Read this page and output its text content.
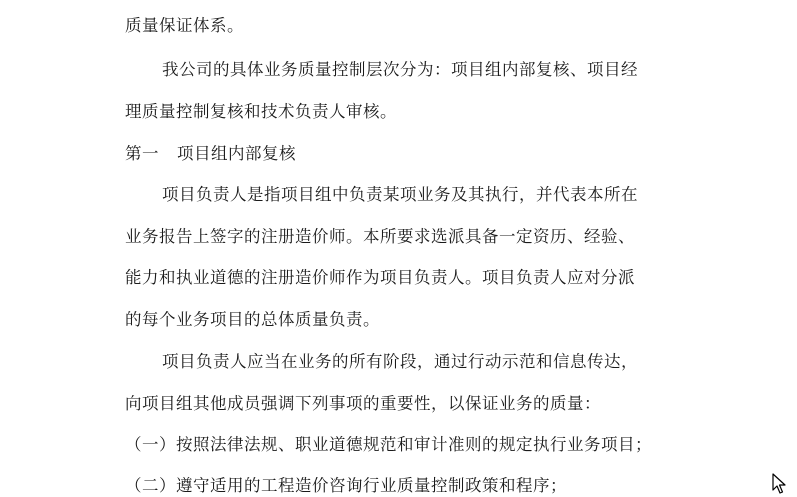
质量保证体系。
我公司的具体业务质量控制层次分为：项目组内部复核、项目经
理质量控制复核和技术负责人审核。
第一 项目组内部复核
项目负责人是指项目组中负责某项业务及其执行，并代表本所在
业务报告上签字的注册造价师。本所要求选派具备一定资历、经验、
能力和执业道德的注册造价师作为项目负责人。项目负责人应对分派
的每个业务项目的总体质量负责。
项目负责人应当在业务的所有阶段，通过行动示范和信息传达，
向项目组其他成员强调下列事项的重要性，以保证业务的质量：
（一）按照法律法规、职业道德规范和审计准则的规定执行业务项目；
（二）遵守适用的工程造价咨询行业质量控制政策和程序；
